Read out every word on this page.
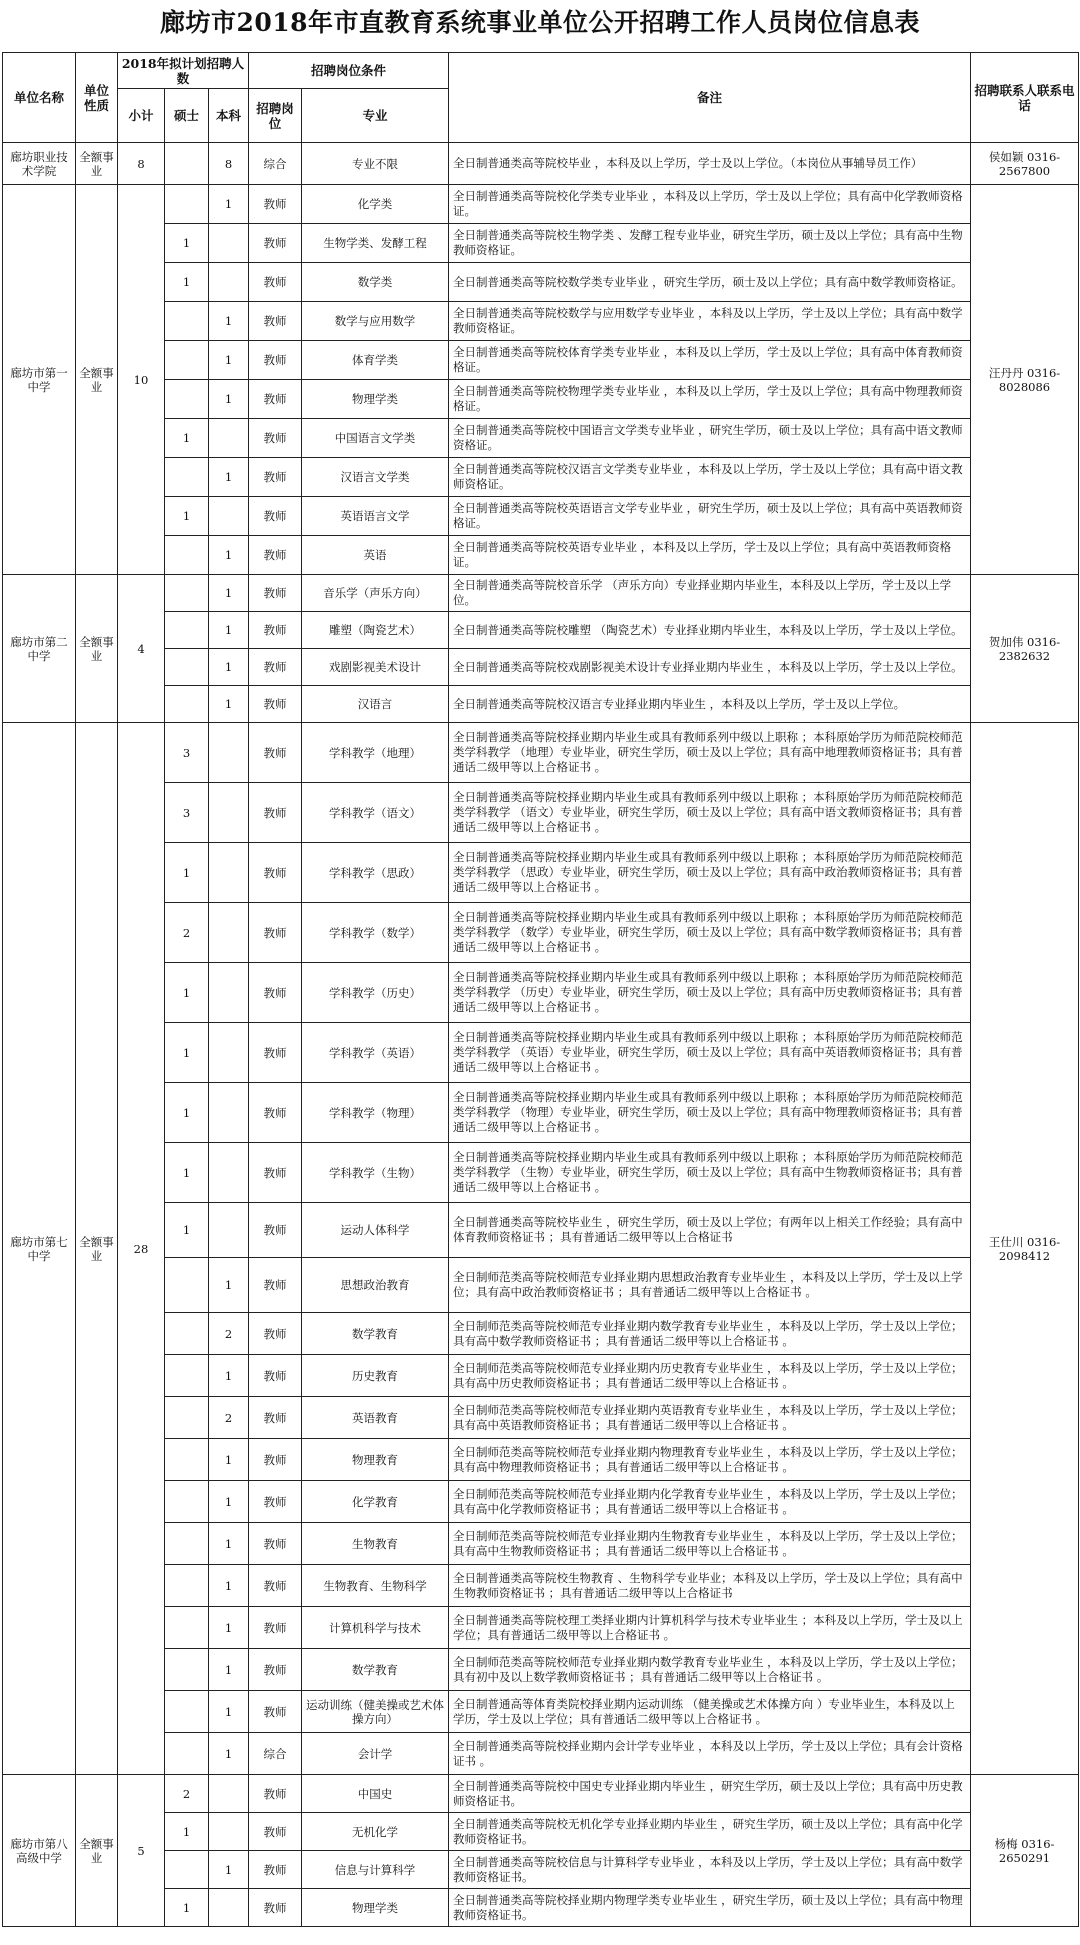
廊坊市2018年市直教育系统事业单位公开招聘工作人员岗位信息表
单位名称	单位性质	2018年拟计划招聘人数			招聘岗位条件		备注	招聘联系人联系电话
		小计	硕士	本科	招聘岗位	专业		
廊坊职业技术学院	全额事业	8		8	综合	专业不限	全日制普通类高等院校毕业 ，本科及以上学历，学士及以上学位。（本岗位从事辅导员工作）	侯如颖 0316-2567800
廊坊市第一中学	全额事业	10		1	教师	化学类	全日制普通类高等院校化学类专业毕业 ，本科及以上学历，学士及以上学位；具有高中化学教师资格证。	汪丹丹 0316-8028086
			1		教师	生物学类、发酵工程	全日制普通类高等院校生物学类 、发酵工程专业毕业，研究生学历，硕士及以上学位；具有高中生物教师资格证。	
			1		教师	数学类	全日制普通类高等院校数学类专业毕业 ，研究生学历，硕士及以上学位；具有高中数学教师资格证。	
				1	教师	数学与应用数学	全日制普通类高等院校数学与应用数学专业毕业 ，本科及以上学历，学士及以上学位；具有高中数学教师资格证。	
				1	教师	体育学类	全日制普通类高等院校体育学类专业毕业 ，本科及以上学历，学士及以上学位；具有高中体育教师资格证。	
				1	教师	物理学类	全日制普通类高等院校物理学类专业毕业 ，本科及以上学历，学士及以上学位；具有高中物理教师资格证。	
			1		教师	中国语言文学类	全日制普通类高等院校中国语言文学类专业毕业 ，研究生学历，硕士及以上学位；具有高中语文教师资格证。	
				1	教师	汉语言文学类	全日制普通类高等院校汉语言文学类专业毕业 ，本科及以上学历，学士及以上学位；具有高中语文教师资格证。	
			1		教师	英语语言文学	全日制普通类高等院校英语语言文学专业毕业 ，研究生学历，硕士及以上学位；具有高中英语教师资格证。	
				1	教师	英语	全日制普通类高等院校英语专业毕业 ，本科及以上学历，学士及以上学位；具有高中英语教师资格证。	
廊坊市第二中学	全额事业	4		1	教师	音乐学（声乐方向）	全日制普通类高等院校音乐学 （声乐方向）专业择业期内毕业生，本科及以上学历，学士及以上学位。	贺加伟 0316-2382632
				1	教师	雕塑（陶瓷艺术）	全日制普通类高等院校雕塑 （陶瓷艺术）专业择业期内毕业生，本科及以上学历，学士及以上学位。	
				1	教师	戏剧影视美术设计	全日制普通类高等院校戏剧影视美术设计专业择业期内毕业生 ，本科及以上学历，学士及以上学位。	
				1	教师	汉语言	全日制普通类高等院校汉语言专业择业期内毕业生 ，本科及以上学历，学士及以上学位。	
廊坊市第七中学	全额事业	28	3		教师	学科教学（地理）	全日制普通类高等院校择业期内毕业生或具有教师系列中级以上职称 ；本科原始学历为师范院校师范类学科教学 （地理）专业毕业，研究生学历，硕士及以上学位；具有高中地理教师资格证书；具有普通话二级甲等以上合格证书 。	王仕川 0316-2098412
			3		教师	学科教学（语文）	全日制普通类高等院校择业期内毕业生或具有教师系列中级以上职称 ；本科原始学历为师范院校师范类学科教学 （语文）专业毕业，研究生学历，硕士及以上学位；具有高中语文教师资格证书；具有普通话二级甲等以上合格证书 。	
			1		教师	学科教学（思政）	全日制普通类高等院校择业期内毕业生或具有教师系列中级以上职称 ；本科原始学历为师范院校师范类学科教学 （思政）专业毕业，研究生学历，硕士及以上学位；具有高中政治教师资格证书；具有普通话二级甲等以上合格证书 。	
			2		教师	学科教学（数学）	全日制普通类高等院校择业期内毕业生或具有教师系列中级以上职称 ；本科原始学历为师范院校师范类学科教学 （数学）专业毕业，研究生学历，硕士及以上学位；具有高中数学教师资格证书；具有普通话二级甲等以上合格证书 。	
			1		教师	学科教学（历史）	全日制普通类高等院校择业期内毕业生或具有教师系列中级以上职称 ；本科原始学历为师范院校师范类学科教学 （历史）专业毕业，研究生学历，硕士及以上学位；具有高中历史教师资格证书；具有普通话二级甲等以上合格证书 。	
			1		教师	学科教学（英语）	全日制普通类高等院校择业期内毕业生或具有教师系列中级以上职称 ；本科原始学历为师范院校师范类学科教学 （英语）专业毕业，研究生学历，硕士及以上学位；具有高中英语教师资格证书；具有普通话二级甲等以上合格证书 。	
			1		教师	学科教学（物理）	全日制普通类高等院校择业期内毕业生或具有教师系列中级以上职称 ；本科原始学历为师范院校师范类学科教学 （物理）专业毕业，研究生学历，硕士及以上学位；具有高中物理教师资格证书；具有普通话二级甲等以上合格证书 。	
			1		教师	学科教学（生物）	全日制普通类高等院校择业期内毕业生或具有教师系列中级以上职称 ；本科原始学历为师范院校师范类学科教学 （生物）专业毕业，研究生学历，硕士及以上学位；具有高中生物教师资格证书；具有普通话二级甲等以上合格证书 。	
			1		教师	运动人体科学	全日制普通类高等院校毕业生 ，研究生学历，硕士及以上学位；有两年以上相关工作经验；具有高中体育教师资格证书 ；具有普通话二级甲等以上合格证书	
				1	教师	思想政治教育	全日制师范类高等院校师范专业择业期内思想政治教育专业毕业生 ，本科及以上学历，学士及以上学位；具有高中政治教师资格证书 ；具有普通话二级甲等以上合格证书 。	
				2	教师	数学教育	全日制师范类高等院校师范专业择业期内数学教育专业毕业生 ，本科及以上学历，学士及以上学位；具有高中数学教师资格证书 ；具有普通话二级甲等以上合格证书 。	
				1	教师	历史教育	全日制师范类高等院校师范专业择业期内历史教育专业毕业生 ，本科及以上学历，学士及以上学位；具有高中历史教师资格证书 ；具有普通话二级甲等以上合格证书 。	
				2	教师	英语教育	全日制师范类高等院校师范专业择业期内英语教育专业毕业生 ，本科及以上学历，学士及以上学位；具有高中英语教师资格证书 ；具有普通话二级甲等以上合格证书 。	
				1	教师	物理教育	全日制师范类高等院校师范专业择业期内物理教育专业毕业生 ，本科及以上学历，学士及以上学位；具有高中物理教师资格证书 ；具有普通话二级甲等以上合格证书 。	
				1	教师	化学教育	全日制师范类高等院校师范专业择业期内化学教育专业毕业生 ，本科及以上学历，学士及以上学位；具有高中化学教师资格证书 ；具有普通话二级甲等以上合格证书 。	
				1	教师	生物教育	全日制师范类高等院校师范专业择业期内生物教育专业毕业生 ，本科及以上学历，学士及以上学位；具有高中生物教师资格证书 ；具有普通话二级甲等以上合格证书 。	
				1	教师	生物教育、生物科学	全日制普通类高等院校生物教育 、生物科学专业毕业；本科及以上学历，学士及以上学位；具有高中生物教师资格证书 ；具有普通话二级甲等以上合格证书	
				1	教师	计算机科学与技术	全日制普通类高等院校理工类择业期内计算机科学与技术专业毕业生 ；本科及以上学历，学士及以上学位；具有普通话二级甲等以上合格证书 。	
				1	教师	数学教育	全日制师范类高等院校师范专业择业期内数学教育专业毕业生 ，本科及以上学历，学士及以上学位；具有初中及以上数学教师资格证书 ；具有普通话二级甲等以上合格证书 。	
				1	教师	运动训练（健美操或艺术体操方向）	全日制普通高等体育类院校择业期内运动训练 （健美操或艺术体操方向 ）专业毕业生，本科及以上学历，学士及以上学位；具有普通话二级甲等以上合格证书 。	
				1	综合	会计学	全日制普通类高等院校择业期内会计学专业毕业 ，本科及以上学历，学士及以上学位；具有会计资格证书 。	
廊坊市第八高级中学	全额事业	5	2		教师	中国史	全日制普通类高等院校中国史专业择业期内毕业生 ，研究生学历，硕士及以上学位；具有高中历史教师资格证书。	杨梅 0316-2650291
			1		教师	无机化学	全日制普通类高等院校无机化学专业择业期内毕业生 ，研究生学历，硕士及以上学位；具有高中化学教师资格证书。	
				1	教师	信息与计算科学	全日制普通类高等院校信息与计算科学专业毕业 ，本科及以上学历，学士及以上学位；具有高中数学教师资格证书。	
			1		教师	物理学类	全日制普通类高等院校择业期内物理学类专业毕业生 ，研究生学历，硕士及以上学位；具有高中物理教师资格证书。	
